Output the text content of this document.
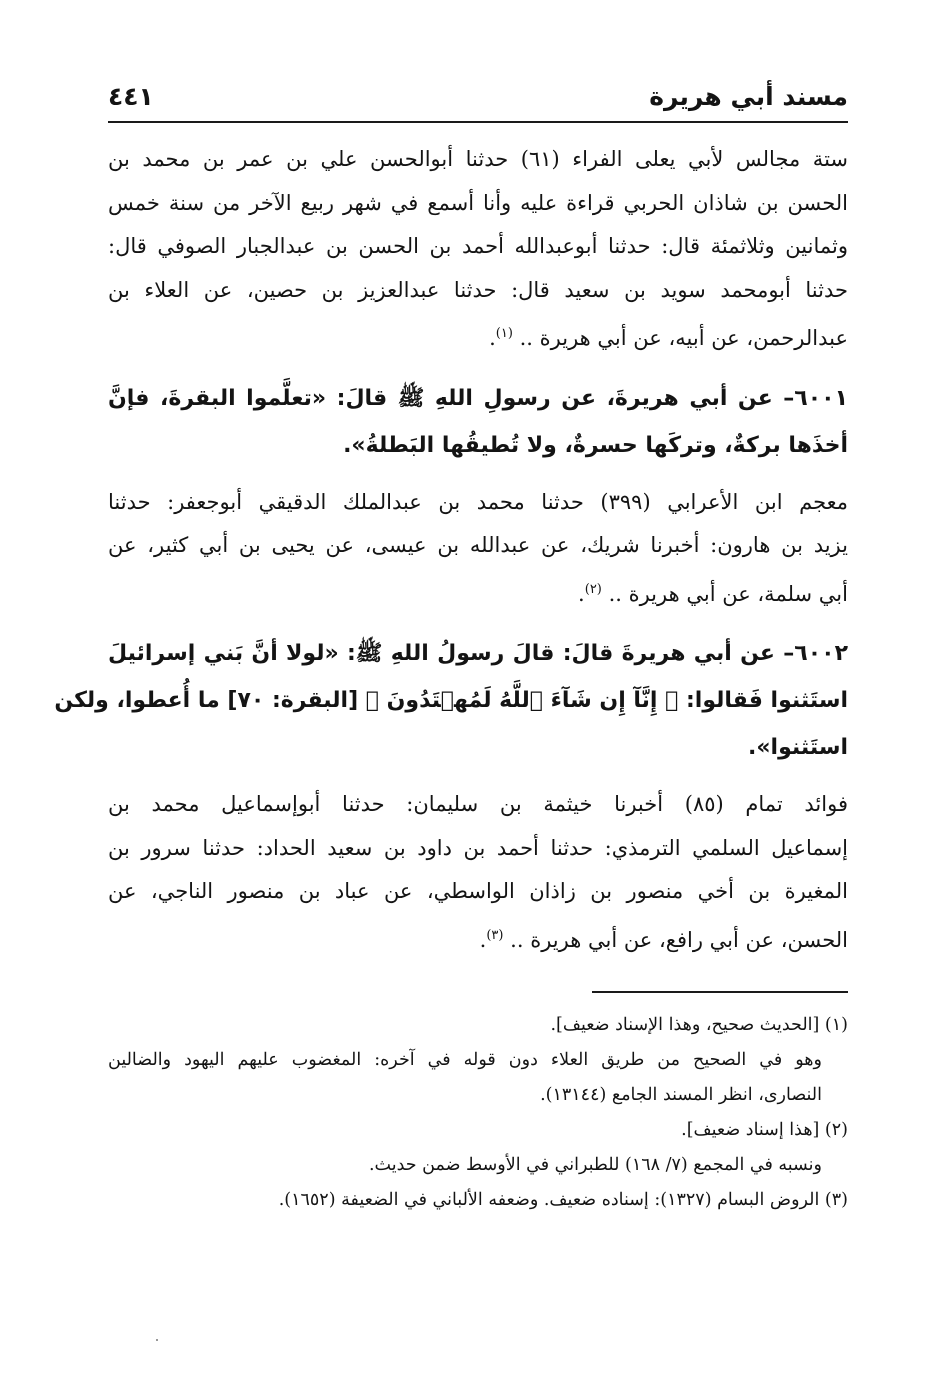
مسند أبي هريرة
٤٤١

ستة مجالس لأبي يعلى الفراء (٦١) حدثنا أبوالحسن علي بن عمر بن محمد بن
الحسن بن شاذان الحربي قراءة عليه وأنا أسمع في شهر ربيع الآخر من سنة خمس
وثمانين وثلاثمئة قال: حدثنا أبوعبدالله أحمد بن الحسن بن عبدالجبار الصوفي قال:
حدثنا أبومحمد سويد بن سعيد قال: حدثنا عبدالعزيز بن حصين، عن العلاء بن
عبدالرحمن، عن أبيه، عن أبي هريرة .. $^{(١)}$.

٦٠٠١– عن أبي هريرةَ، عن رسولِ اللهِ ﷺ قالَ: «تعلَّموا البقرةَ، فإنَّ
أخذَها بركةٌ، وتركَها حسرةٌ، ولا تُطيقُها البَطلةُ».

معجم ابن الأعرابي (٣٩٩) حدثنا محمد بن عبدالملك الدقيقي أبوجعفر: حدثنا
يزيد بن هارون: أخبرنا شريك، عن عبدالله بن عيسى، عن يحيى بن أبي كثير، عن
أبي سلمة، عن أبي هريرة .. $^{(٢)}$.

٦٠٠٢– عن أبي هريرةَ قالَ: قالَ رسولُ اللهِ ﷺ: «لولا أنَّ بَني إسرائيلَ
استَثنوا فَقالوا: ﴿ إِنَّآ إِن شَآءَ ٱللَّهُ لَمُهۡتَدُونَ ﴾ [البقرة: ٧٠] ما أُعطوا، ولكن
استَثنوا».

فوائد تمام (٨٥) أخبرنا خيثمة بن سليمان: حدثنا أبوإسماعيل محمد بن
إسماعيل السلمي الترمذي: حدثنا أحمد بن داود بن سعيد الحداد: حدثنا سرور بن
المغيرة بن أخي منصور بن زاذان الواسطي، عن عباد بن منصور الناجي، عن
الحسن، عن أبي رافع، عن أبي هريرة .. $^{(٣)}$.

(١) [الحديث صحيح، وهذا الإسناد ضعيف].
وهو في الصحيح من طريق العلاء دون قوله في آخره: المغضوب عليهم اليهود والضالين
النصارى، انظر المسند الجامع (١٣١٤٤).
(٢) [هذا إسناد ضعيف].
ونسبه في المجمع (٧/ ١٦٨) للطبراني في الأوسط ضمن حديث.
(٣) الروض البسام (١٣٢٧): إسناده ضعيف. وضعفه الألباني في الضعيفة (١٦٥٢).
